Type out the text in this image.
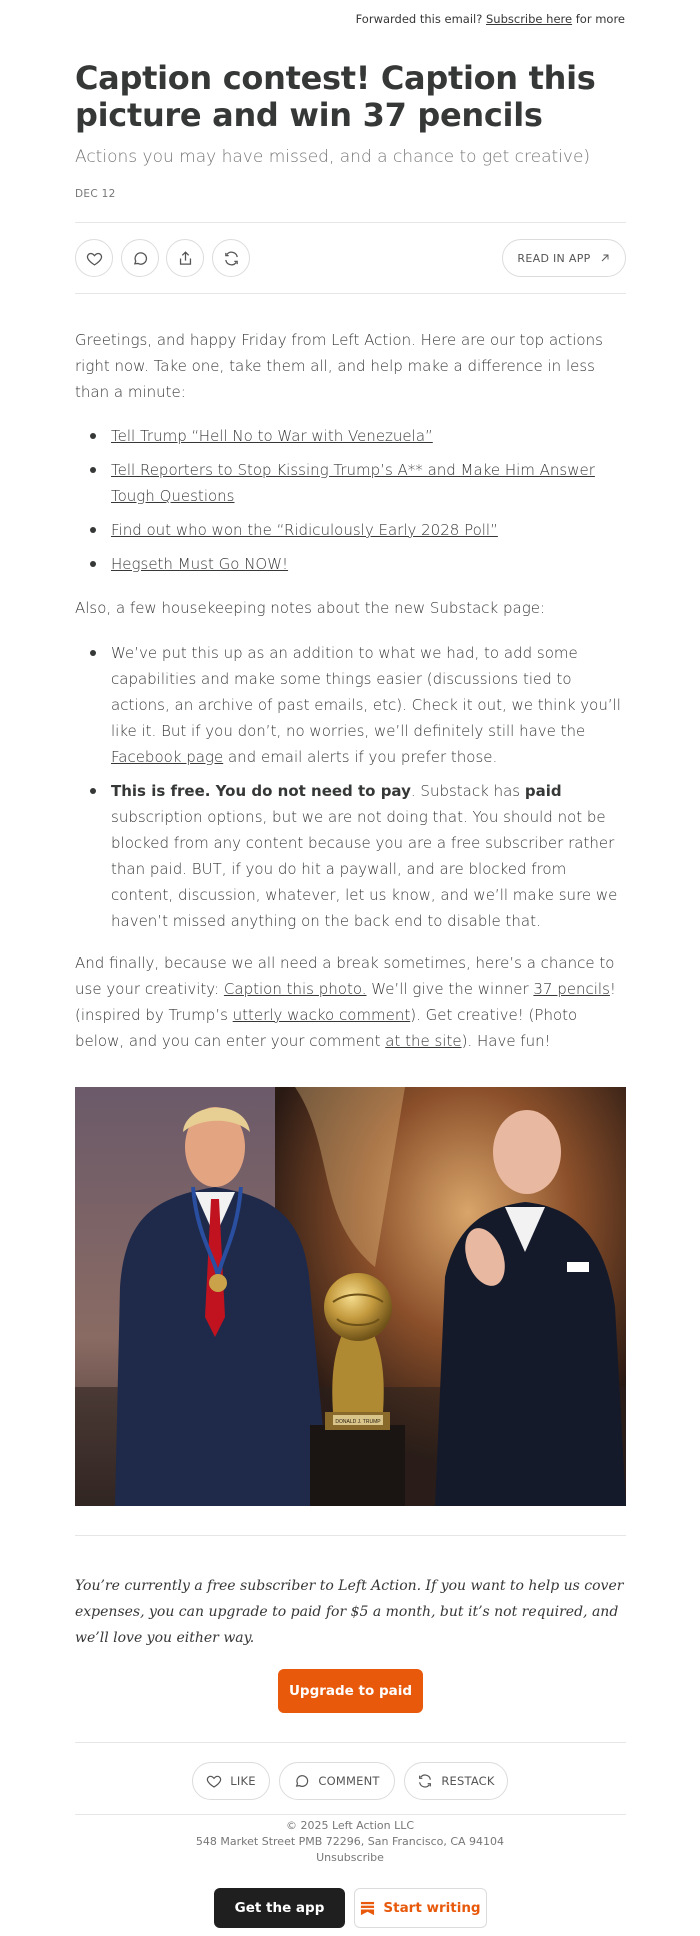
Forwarded this email? Subscribe here for more
Caption contest! Caption this picture and win 37 pencils
Actions you may have missed, and a chance to get creative)
DEC 12
READ IN APP

Greetings, and happy Friday from Left Action. Here are our top actions right now. Take one, take them all, and help make a difference in less than a minute:

Tell Trump “Hell No to War with Venezuela”
Tell Reporters to Stop Kissing Trump’s A** and Make Him Answer Tough Questions
Find out who won the “Ridiculously Early 2028 Poll”
Hegseth Must Go NOW!

Also, a few housekeeping notes about the new Substack page:

We’ve put this up as an addition to what we had, to add some capabilities and make some things easier (discussions tied to actions, an archive of past emails, etc). Check it out, we think you’ll like it. But if you don’t, no worries, we’ll definitely still have the Facebook page and email alerts if you prefer those.
This is free. You do not need to pay. Substack has paid subscription options, but we are not doing that. You should not be blocked from any content because you are a free subscriber rather than paid. BUT, if you do hit a paywall, and are blocked from content, discussion, whatever, let us know, and we’ll make sure we haven’t missed anything on the back end to disable that.

And finally, because we all need a break sometimes, here’s a chance to use your creativity: Caption this photo. We’ll give the winner 37 pencils! (inspired by Trump’s utterly wacko comment). Get creative! (Photo below, and you can enter your comment at the site). Have fun!

DONALD J. TRUMP

You’re currently a free subscriber to Left Action. If you want to help us cover expenses, you can upgrade to paid for $5 a month, but it’s not required, and we’ll love you either way.

Upgrade to paid
LIKE	COMMENT	RESTACK
© 2025 Left Action LLC
548 Market Street PMB 72296, San Francisco, CA 94104
Unsubscribe
Get the app	Start writing
